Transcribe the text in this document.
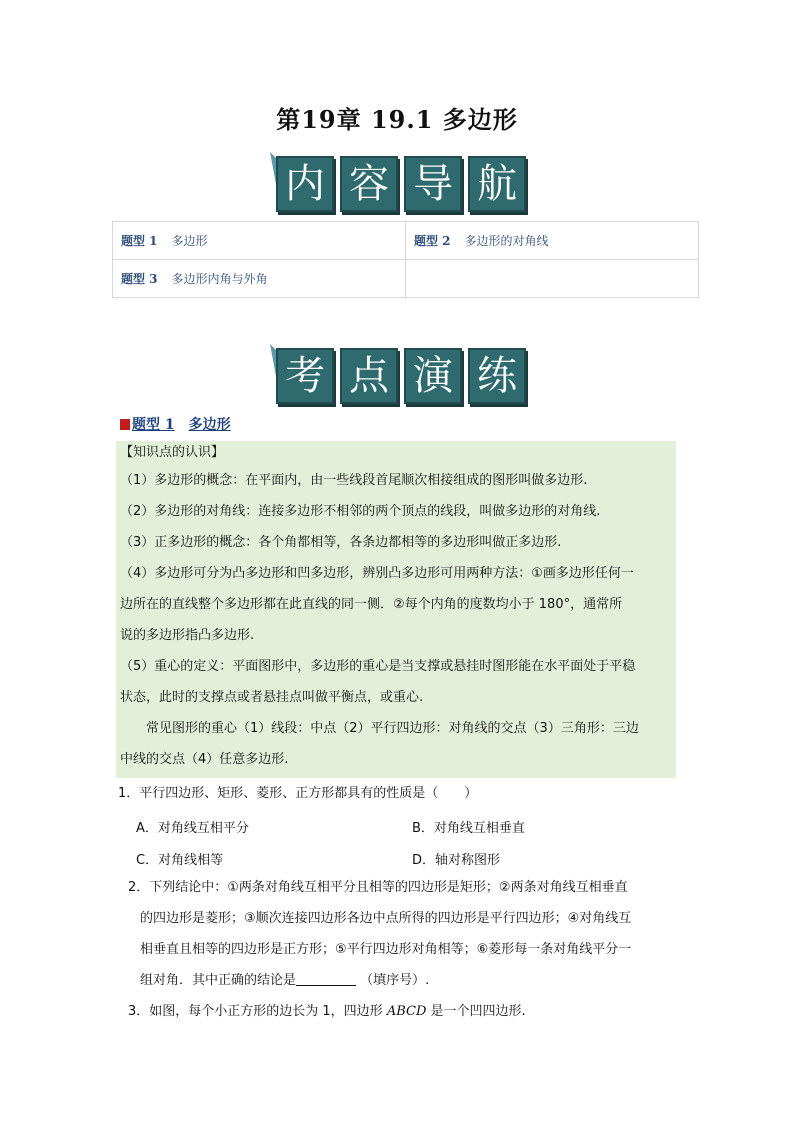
第19章 19.1 多边形
内 容 导 航
题型 1 多边形	题型 2 多边形的对角线
题型 3 多边形内角与外角	
考 点 演 练
题型 1 多边形

【知识点的认识】

（1）多边形的概念：在平面内，由一些线段首尾顺次相接组成的图形叫做多边形.

（2）多边形的对角线：连接多边形不相邻的两个顶点的线段，叫做多边形的对角线.

（3）正多边形的概念：各个角都相等，各条边都相等的多边形叫做正多边形.

（4）多边形可分为凸多边形和凹多边形，辨别凸多边形可用两种方法：①画多边形任何一

边所在的直线整个多边形都在此直线的同一侧．②每个内角的度数均小于 180°，通常所

说的多边形指凸多边形.

（5）重心的定义：平面图形中，多边形的重心是当支撑或悬挂时图形能在水平面处于平稳

状态，此时的支撑点或者悬挂点叫做平衡点，或重心.

常见图形的重心（1）线段：中点（2）平行四边形：对角线的交点（3）三角形：三边

中线的交点（4）任意多边形.

1．平行四边形、矩形、菱形、正方形都具有的性质是（　　）
A．对角线互相平分	B．对角线互相垂直
C．对角线相等	D．轴对称图形

2．下列结论中：①两条对角线互相平分且相等的四边形是矩形；②两条对角线互相垂直

的四边形是菱形；③顺次连接四边形各边中点所得的四边形是平行四边形；④对角线互

相垂直且相等的四边形是正方形；⑤平行四边形对角相等；⑥菱形每一条对角线平分一

组对角．其中正确的结论是	（填序号）.

3．如图，每个小正方形的边长为 1，四边形 ABCD 是一个凹四边形.
